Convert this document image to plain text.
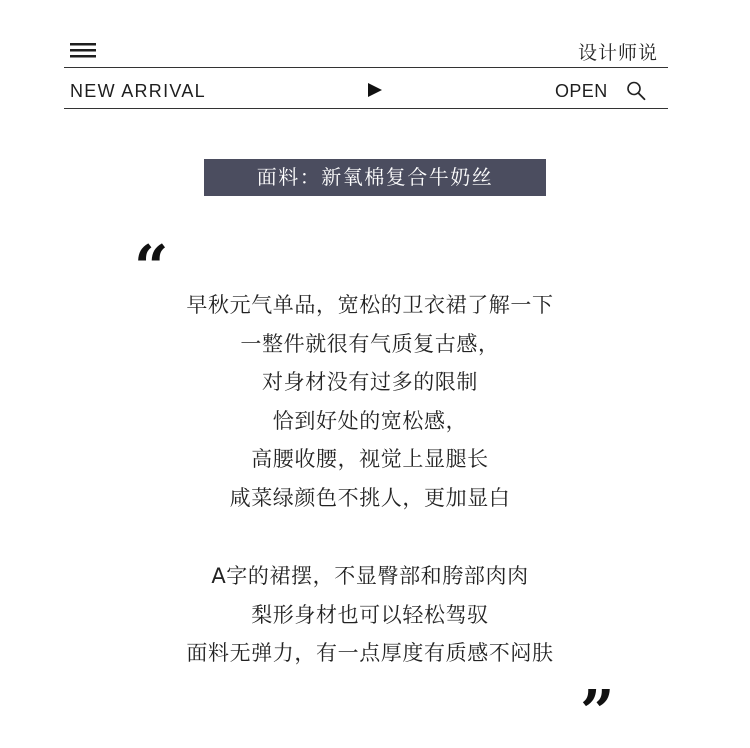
设计师说
NEW ARRIVAL	OPEN
面料：新氧棉复合牛奶丝
“
”
早秋元气单品，宽松的卫衣裙了解一下
一整件就很有气质复古感，
对身材没有过多的限制
恰到好处的宽松感，
高腰收腰，视觉上显腿长
咸菜绿颜色不挑人，更加显白
A字的裙摆，不显臀部和胯部肉肉
梨形身材也可以轻松驾驭
面料无弹力，有一点厚度有质感不闷肤
